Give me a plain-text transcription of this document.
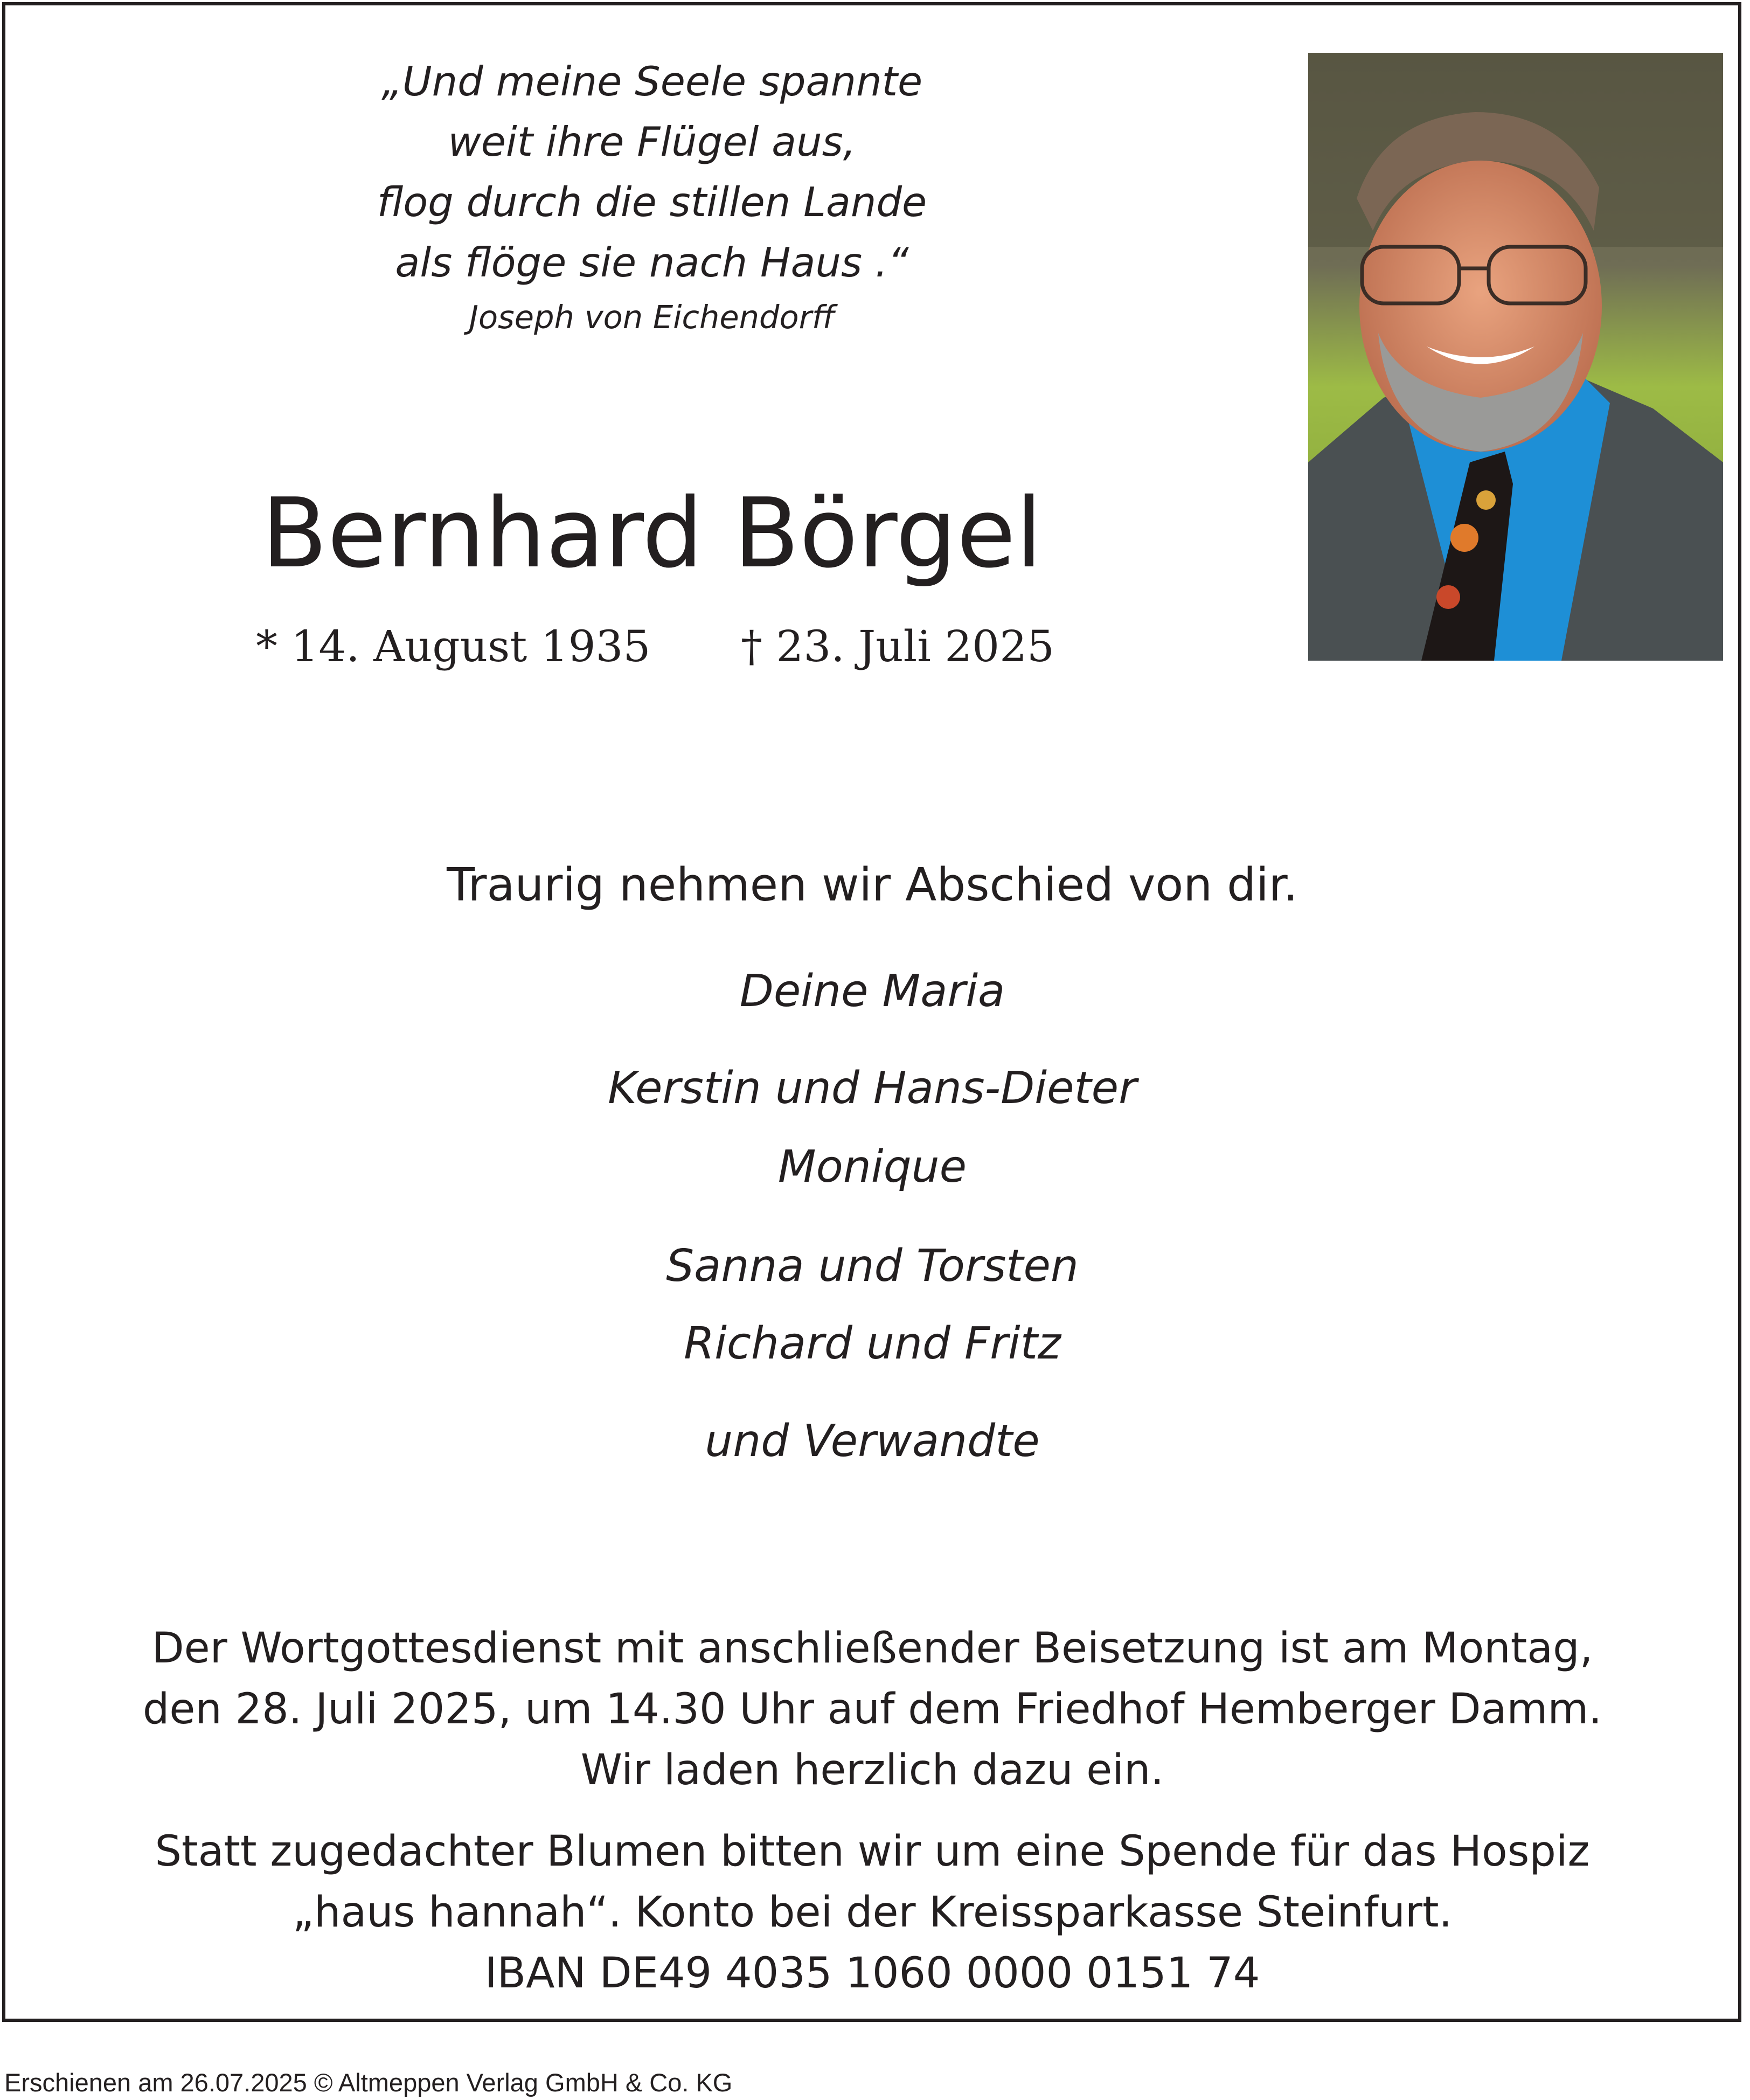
„Und meine Seele spannte
weit ihre Flügel aus,
flog durch die stillen Lande
als flöge sie nach Haus .“
Joseph von Eichendorff
Bernhard Börgel
* 14. August 1935 † 23. Juli 2025
Traurig nehmen wir Abschied von dir.
Deine Maria
Kerstin und Hans-Dieter
Monique
Sanna und Torsten
Richard und Fritz
und Verwandte
Der Wortgottesdienst mit anschließender Beisetzung ist am Montag,
den 28. Juli 2025, um 14.30 Uhr auf dem Friedhof Hemberger Damm.
Wir laden herzlich dazu ein.
Statt zugedachter Blumen bitten wir um eine Spende für das Hospiz
„haus hannah“. Konto bei der Kreissparkasse Steinfurt.
IBAN DE49 4035 1060 0000 0151 74
Erschienen am 26.07.2025 © Altmeppen Verlag GmbH & Co. KG
